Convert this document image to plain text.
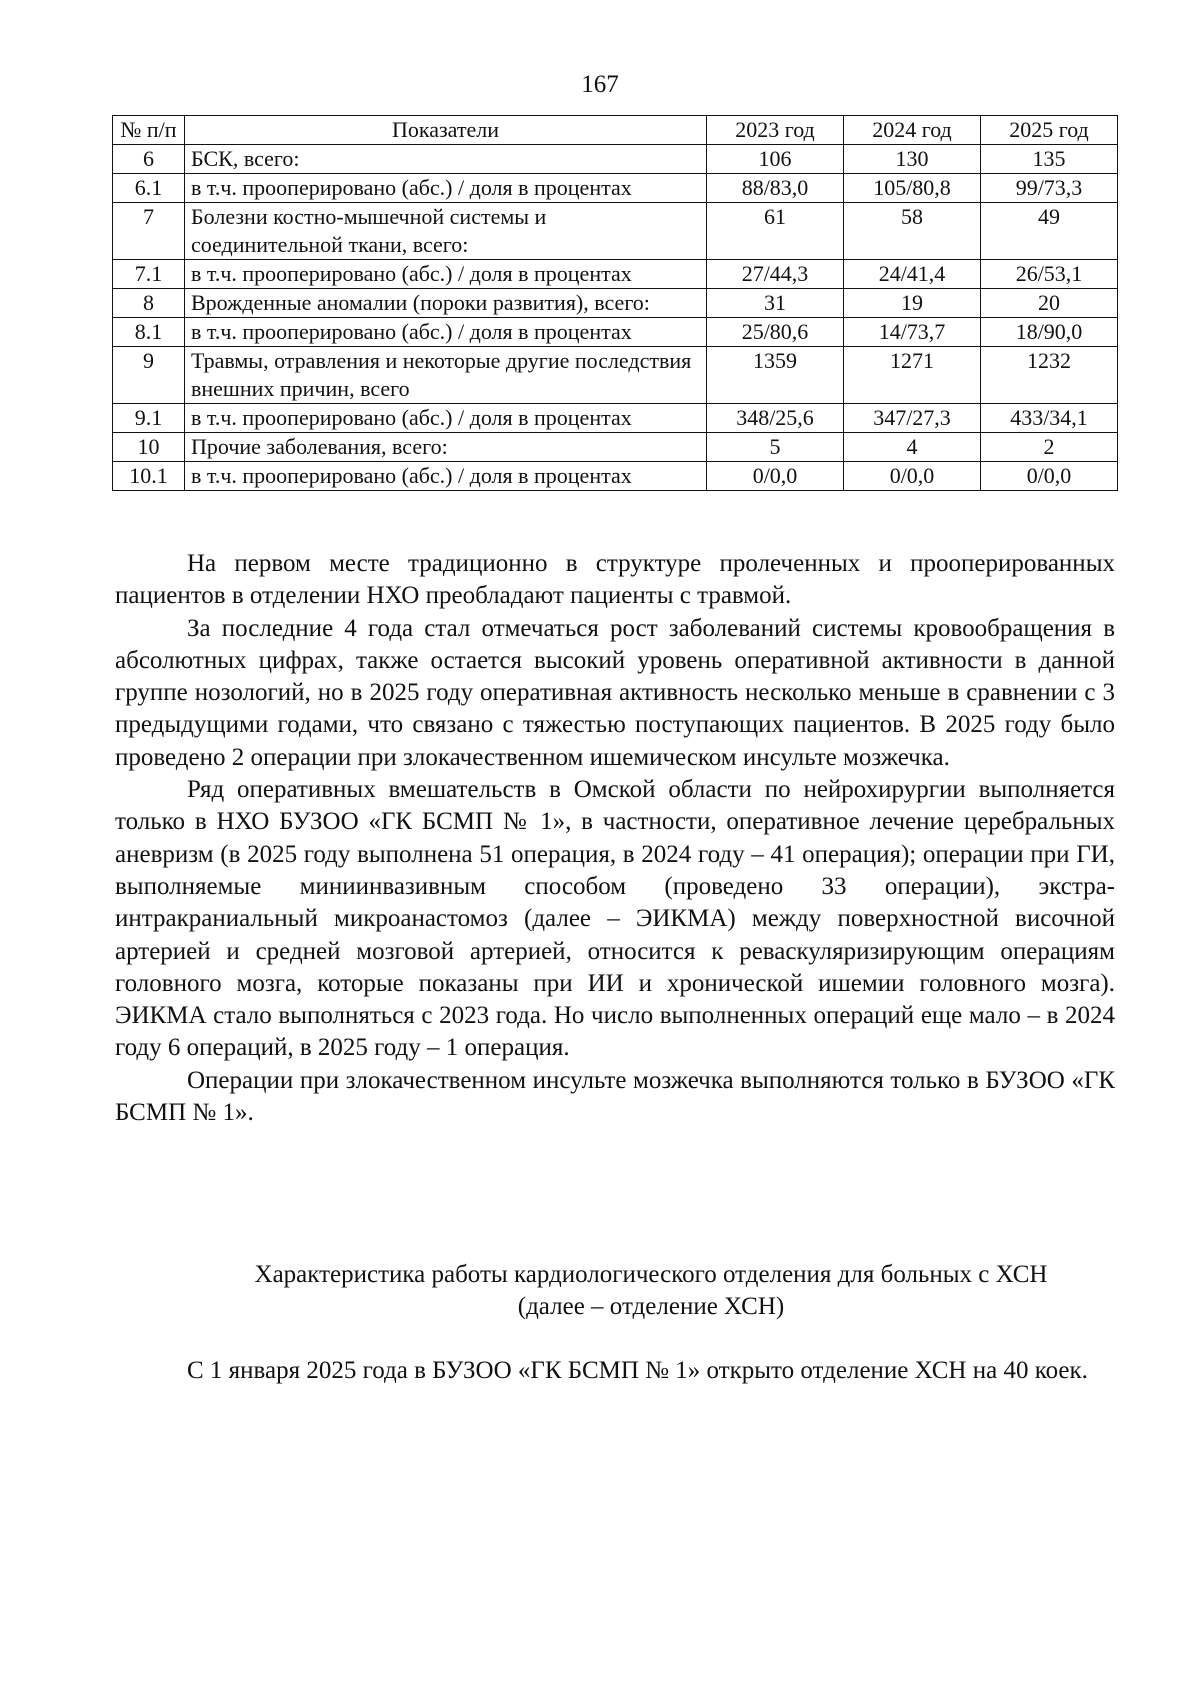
167
№ п/п	Показатели	2023 год	2024 год	2025 год
6	БСК, всего:	106	130	135
6.1	в т.ч. прооперировано (абс.) / доля в процентах	88/83,0	105/80,8	99/73,3
7	Болезни костно-мышечной системы и соединительной ткани, всего:	61	58	49
7.1	в т.ч. прооперировано (абс.) / доля в процентах	27/44,3	24/41,4	26/53,1
8	Врожденные аномалии (пороки развития), всего:	31	19	20
8.1	в т.ч. прооперировано (абс.) / доля в процентах	25/80,6	14/73,7	18/90,0
9	Травмы, отравления и некоторые другие последствия внешних причин, всего	1359	1271	1232
9.1	в т.ч. прооперировано (абс.) / доля в процентах	348/25,6	347/27,3	433/34,1
10	Прочие заболевания, всего:	5	4	2
10.1	в т.ч. прооперировано (абс.) / доля в процентах	0/0,0	0/0,0	0/0,0

На первом месте традиционно в структуре пролеченных и прооперированных пациентов в отделении НХО преобладают пациенты с травмой.

За последние 4 года стал отмечаться рост заболеваний системы кровообращения в абсолютных цифрах, также остается высокий уровень оперативной активности в данной группе нозологий, но в 2025 году оперативная активность несколько меньше в сравнении с 3 предыдущими годами, что связано с тяжестью поступающих пациентов. В 2025 году было проведено 2 операции при злокачественном ишемическом инсульте мозжечка.

Ряд оперативных вмешательств в Омской области по нейрохирургии выполняется только в НХО БУЗОО «ГК БСМП № 1», в частности, оперативное лечение церебральных аневризм (в 2025 году выполнена 51 операция, в 2024 году – 41 операция); операции при ГИ, выполняемые миниинвазивным способом (проведено 33 операции), экстра-интракраниальный микроанастомоз (далее – ЭИКМА) между поверхностной височной артерией и средней мозговой артерией, относится к реваскуляризирующим операциям головного мозга, которые показаны при ИИ и хронической ишемии головного мозга). ЭИКМА стало выполняться с 2023 года. Но число выполненных операций еще мало – в 2024 году 6 операций, в 2025 году – 1 операция.

Операции при злокачественном инсульте мозжечка выполняются только в БУЗОО «ГК БСМП № 1».

Характеристика работы кардиологического отделения для больных с ХСН

(далее – отделение ХСН)

С 1 января 2025 года в БУЗОО «ГК БСМП № 1» открыто отделение ХСН на 40 коек.
